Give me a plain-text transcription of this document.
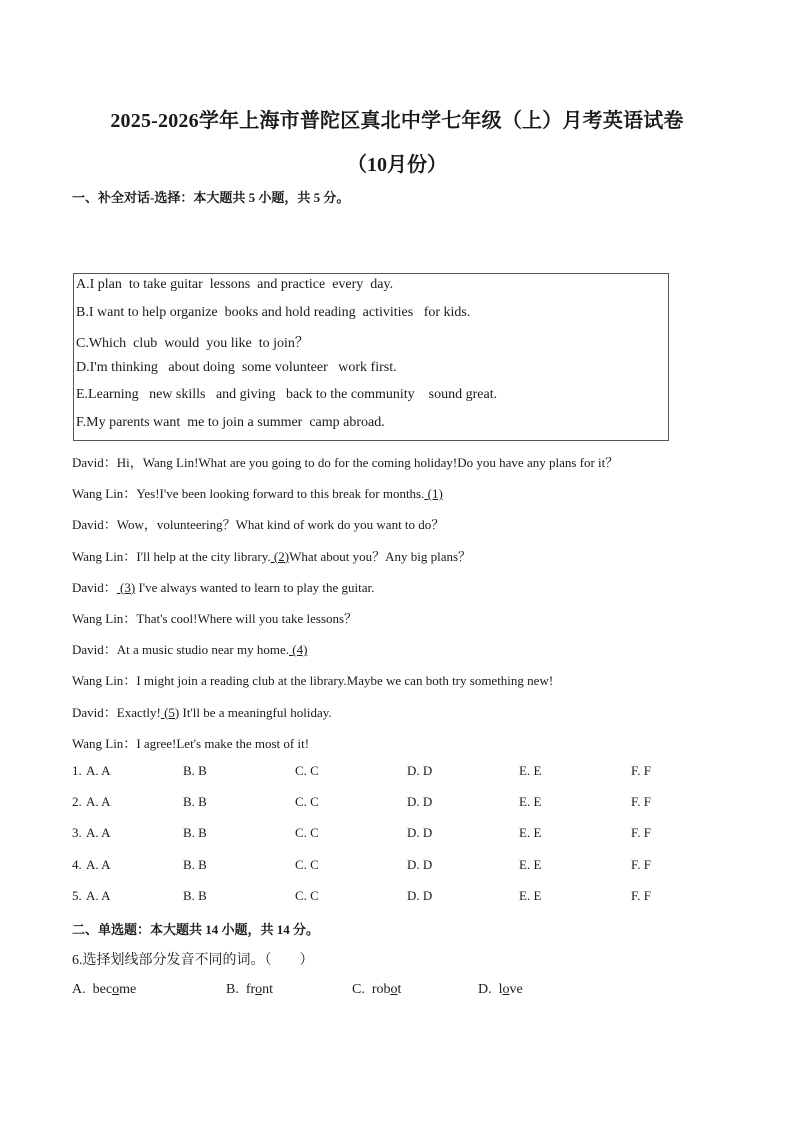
2025-2026学年上海市普陀区真北中学七年级（上）月考英语试卷
（10月份）
一、补全对话-选择：本大题共 5 小题，共 5 分。
A.I plan  to take guitar  lessons  and practice  every  day.
B.I want to help organize  books and hold reading  activities   for kids.
C.Which  club  would  you like  to join？
D.I'm thinking   about doing  some volunteer   work first.
E.Learning   new skills   and giving   back to the community    sound great.
F.My parents want  me to join a summer  camp abroad.
David：Hi，Wang Lin!What are you going to do for the coming holiday!Do you have any plans for it？
Wang Lin：Yes!I've been looking forward to this break for months. (1)
David：Wow，volunteering？What kind of work do you want to do？
Wang Lin：I'll help at the city library. (2)What about you？Any big plans？
David： (3) I've always wanted to learn to play the guitar.
Wang Lin：That's cool!Where will you take lessons？
David：At a music studio near my home. (4)
Wang Lin：I might join a reading club at the library.Maybe we can both try something new!
David：Exactly! (5) It'll be a meaningful holiday.
Wang Lin：I agree!Let's make the most of it!
1. A. A	B. B	C. C	D. D	E. E	F. F
2. A. A	B. B	C. C	D. D	E. E	F. F
3. A. A	B. B	C. C	D. D	E. E	F. F
4. A. A	B. B	C. C	D. D	E. E	F. F
5. A. A	B. B	C. C	D. D	E. E	F. F
二、单选题：本大题共 14 小题，共 14 分。
6.选择划线部分发音不同的词。（　　）
A.  become	B.  front	C.  robot	D.  love
